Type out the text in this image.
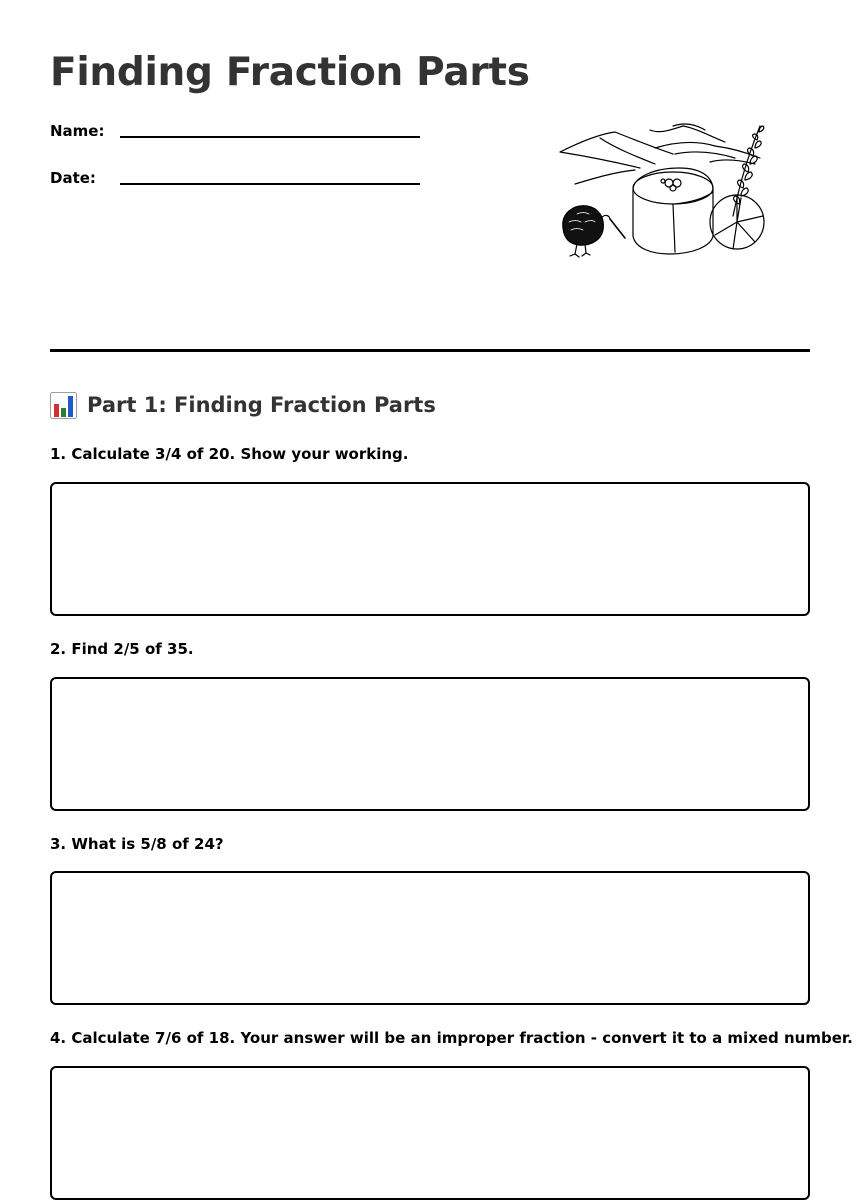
Finding Fraction Parts
Name:
Date:
Part 1: Finding Fraction Parts
1. Calculate 3/4 of 20. Show your working.
2. Find 2/5 of 35.
3. What is 5/8 of 24?
4. Calculate 7/6 of 18. Your answer will be an improper fraction - convert it to a mixed number.
